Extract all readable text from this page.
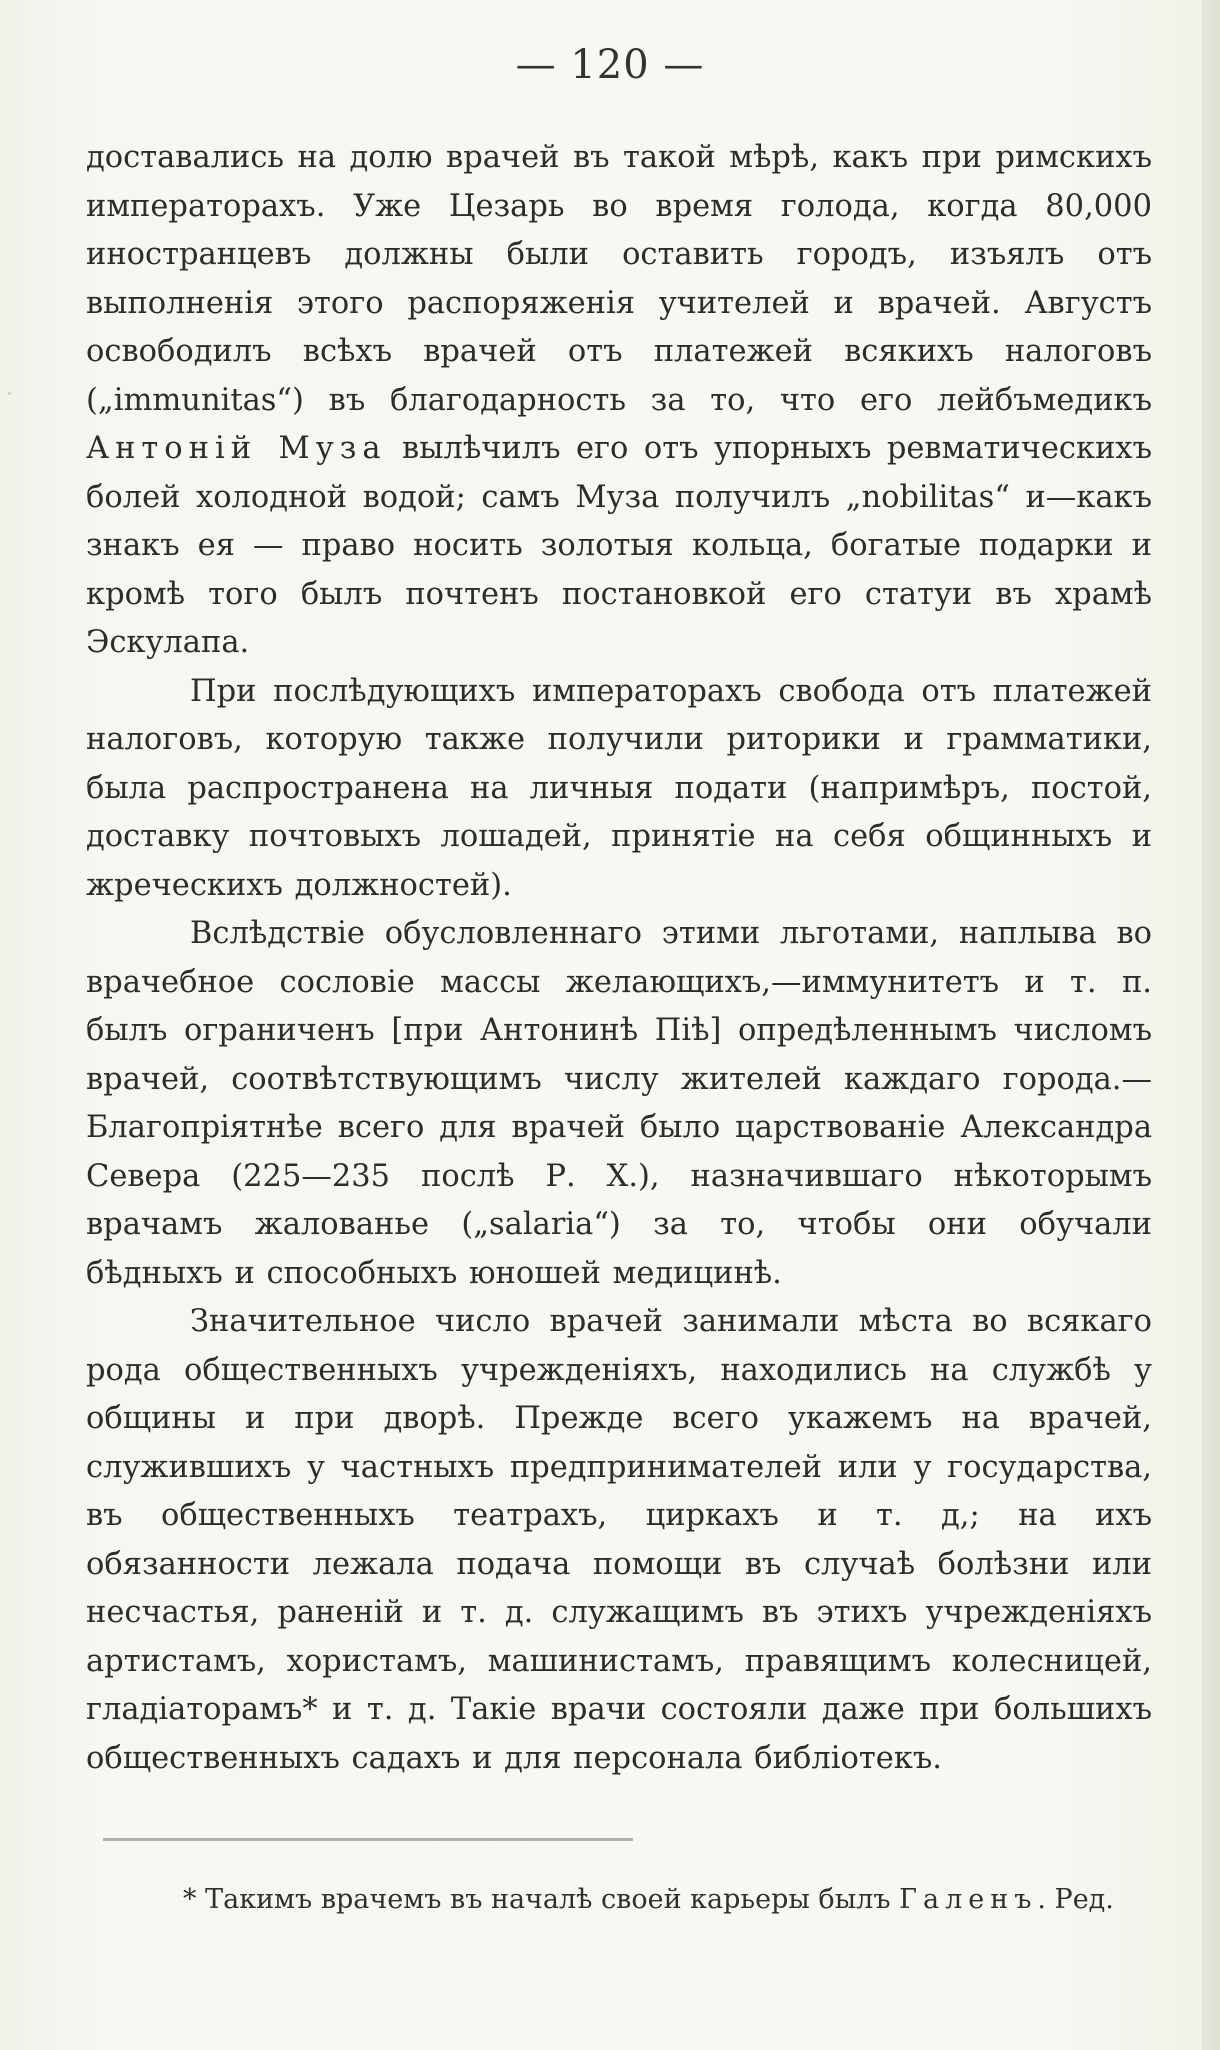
— 120 —

доставались на долю врачей въ такой мѣрѣ, какъ при римскихъ императорахъ. Уже Цезарь во время голода, когда 80,000 иностранцевъ должны были оставить городъ, изъялъ отъ выполненія этого распоряженія учителей и врачей. Августъ освободилъ всѣхъ врачей отъ платежей всякихъ налоговъ („immunitas“) въ благодарность за то, что его лейбъмедикъ Антоній Муза вылѣчилъ его отъ упорныхъ ревматическихъ болей холодной водой; самъ Муза получилъ „nobilitas“ и—какъ знакъ ея — право носить золотыя кольца, богатые подарки и кромѣ того былъ почтенъ постановкой его статуи въ храмѣ Эскулапа.

При послѣдующихъ императорахъ свобода отъ платежей налоговъ, которую также получили риторики и грамматики, была распространена на личныя подати (напримѣръ, постой, доставку почтовыхъ лошадей, принятіе на себя общинныхъ и жреческихъ должностей).

Вслѣдствіе обусловленнаго этими льготами, наплыва во врачебное сословіе массы желающихъ,—иммунитетъ и т. п. былъ ограниченъ [при Антонинѣ Піѣ] опредѣленнымъ числомъ врачей, соотвѣтствующимъ числу жителей каждаго города.—Благопріятнѣе всего для врачей было царствованіе Александра Севера (225—235 послѣ Р. Х.), назначившаго нѣкоторымъ врачамъ жалованье („salaria“) за то, чтобы они обучали бѣдныхъ и способныхъ юношей медицинѣ.

Значительное число врачей занимали мѣста во всякаго рода общественныхъ учрежденіяхъ, находились на службѣ у общины и при дворѣ. Прежде всего укажемъ на врачей, служившихъ у частныхъ предпринимателей или у государства, въ общественныхъ театрахъ, циркахъ и т. д,; на ихъ обязанности лежала подача помощи въ случаѣ болѣзни или несчастья, раненій и т. д. служащимъ въ этихъ учрежденіяхъ артистамъ, хористамъ, машинистамъ, правящимъ колесницей, гладіаторамъ* и т. д. Такіе врачи состояли даже при большихъ общественныхъ садахъ и для персонала библіотекъ.

* Такимъ врачемъ въ началѣ своей карьеры былъ Галенъ. Ред.
